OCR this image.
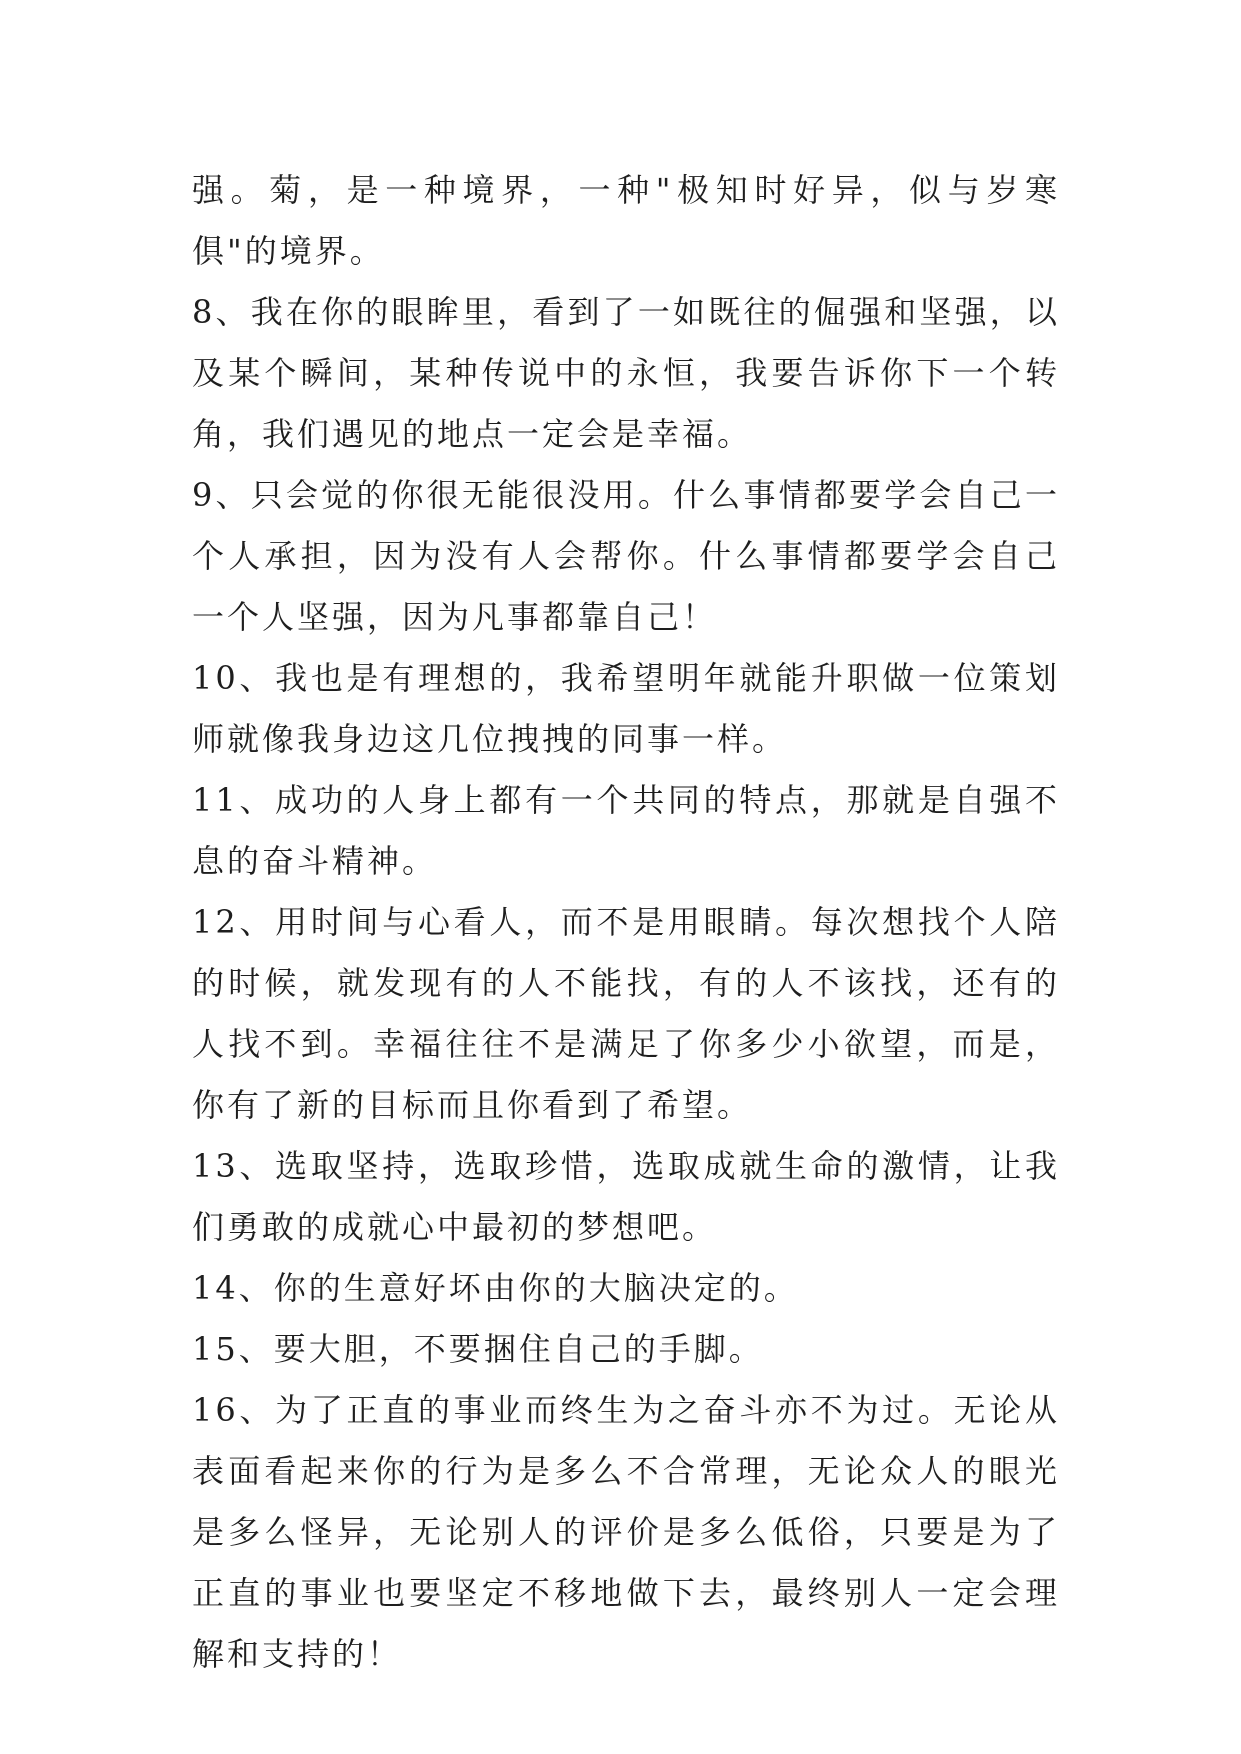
强。菊，是一种境界，一种"极知时好异，似与岁寒俱"的境界。

8、我在你的眼眸里，看到了一如既往的倔强和坚强，以及某个瞬间，某种传说中的永恒，我要告诉你下一个转角，我们遇见的地点一定会是幸福。

9、只会觉的你很无能很没用。什么事情都要学会自己一个人承担，因为没有人会帮你。什么事情都要学会自己一个人坚强，因为凡事都靠自己！

10、我也是有理想的，我希望明年就能升职做一位策划师就像我身边这几位拽拽的同事一样。

11、成功的人身上都有一个共同的特点，那就是自强不息的奋斗精神。

12、用时间与心看人，而不是用眼睛。每次想找个人陪的时候，就发现有的人不能找，有的人不该找，还有的人找不到。幸福往往不是满足了你多少小欲望，而是，你有了新的目标而且你看到了希望。

13、选取坚持，选取珍惜，选取成就生命的激情，让我们勇敢的成就心中最初的梦想吧。

14、你的生意好坏由你的大脑决定的。

15、要大胆，不要捆住自己的手脚。

16、为了正直的事业而终生为之奋斗亦不为过。无论从表面看起来你的行为是多么不合常理，无论众人的眼光是多么怪异，无论别人的评价是多么低俗，只要是为了正直的事业也要坚定不移地做下去，最终别人一定会理解和支持的！
